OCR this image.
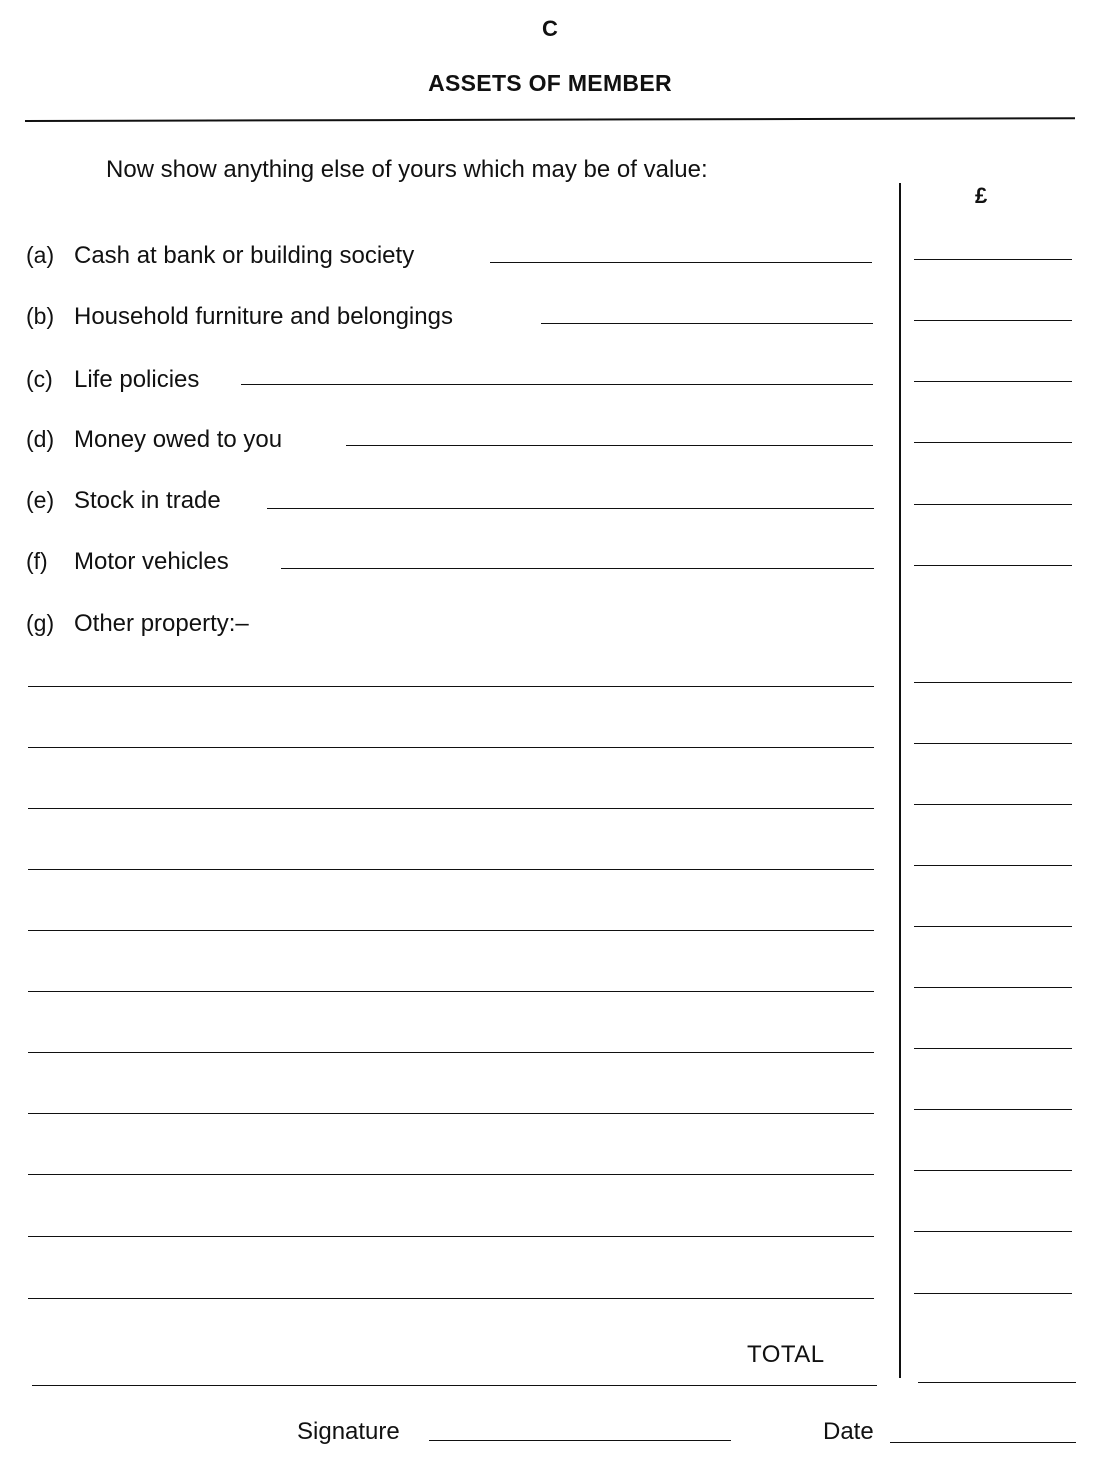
C
ASSETS OF MEMBER
Now show anything else of yours which may be of value:
£
(a) Cash at bank or building society
(b) Household furniture and belongings
(c) Life policies
(d) Money owed to you
(e) Stock in trade
(f) Motor vehicles
(g) Other property:–
TOTAL
Signature	Date
